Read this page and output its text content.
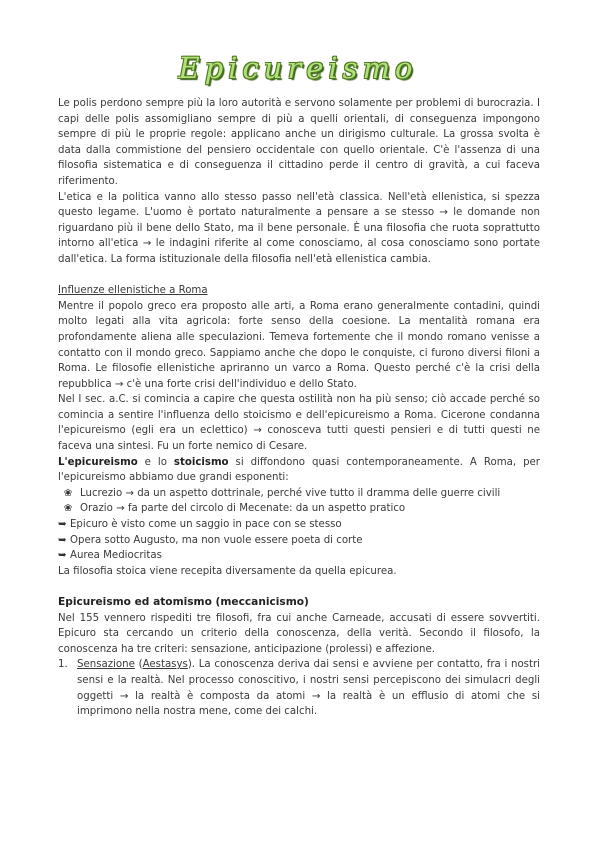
Epicureismo

Le polis perdono sempre più la loro autorità e servono solamente per problemi di burocrazia. I capi delle polis assomigliano sempre di più a quelli orientali, di conseguenza impongono sempre di più le proprie regole: applicano anche un dirigismo culturale. La grossa svolta è data dalla commistione del pensiero occidentale con quello orientale. C'è l'assenza di una filosofia sistematica e di conseguenza il cittadino perde il centro di gravità, a cui faceva riferimento.

L'etica e la politica vanno allo stesso passo nell'età classica. Nell'età ellenistica, si spezza questo legame. L'uomo è portato naturalmente a pensare a se stesso → le domande non riguardano più il bene dello Stato, ma il bene personale. È una filosofia che ruota soprattutto intorno all'etica → le indagini riferite al come conosciamo, al cosa conosciamo sono portate dall'etica. La forma istituzionale della filosofia nell'età ellenistica cambia.

Influenze ellenistiche a Roma

Mentre il popolo greco era proposto alle arti, a Roma erano generalmente contadini, quindi molto legati alla vita agricola: forte senso della coesione. La mentalità romana era profondamente aliena alle speculazioni. Temeva fortemente che il mondo romano venisse a contatto con il mondo greco. Sappiamo anche che dopo le conquiste, ci furono diversi filoni a Roma. Le filosofie ellenistiche apriranno un varco a Roma. Questo perché c'è la crisi della repubblica → c'è una forte crisi dell'individuo e dello Stato.

Nel I sec. a.C. si comincia a capire che questa ostilità non ha più senso; ciò accade perché so comincia a sentire l'influenza dello stoicismo e dell'epicureismo a Roma. Cicerone condanna l'epicureismo (egli era un eclettico) → conosceva tutti questi pensieri e di tutti questi ne faceva una sintesi. Fu un forte nemico di Cesare.

L'epicureismo e lo stoicismo si diffondono quasi contemporaneamente. A Roma, per l'epicureismo abbiamo due grandi esponenti:

❀ Lucrezio → da un aspetto dottrinale, perché vive tutto il dramma delle guerre civili
❀ Orazio → fa parte del circolo di Mecenate: da un aspetto pratico
➥ Epicuro è visto come un saggio in pace con se stesso
➥ Opera sotto Augusto, ma non vuole essere poeta di corte
➥ Aurea Mediocritas

La filosofia stoica viene recepita diversamente da quella epicurea.

Epicureismo ed atomismo (meccanicismo)

Nel 155 vennero rispediti tre filosofi, fra cui anche Carneade, accusati di essere sovvertiti. Epicuro sta cercando un criterio della conoscenza, della verità. Secondo il filosofo, la conoscenza ha tre criteri: sensazione, anticipazione (prolessi) e affezione.

1. Sensazione (Aestasys). La conoscenza deriva dai sensi e avviene per contatto, fra i nostri sensi e la realtà. Nel processo conoscitivo, i nostri sensi percepiscono dei simulacri degli oggetti → la realtà è composta da atomi → la realtà è un efflusio di atomi che si imprimono nella nostra mene, come dei calchi.
